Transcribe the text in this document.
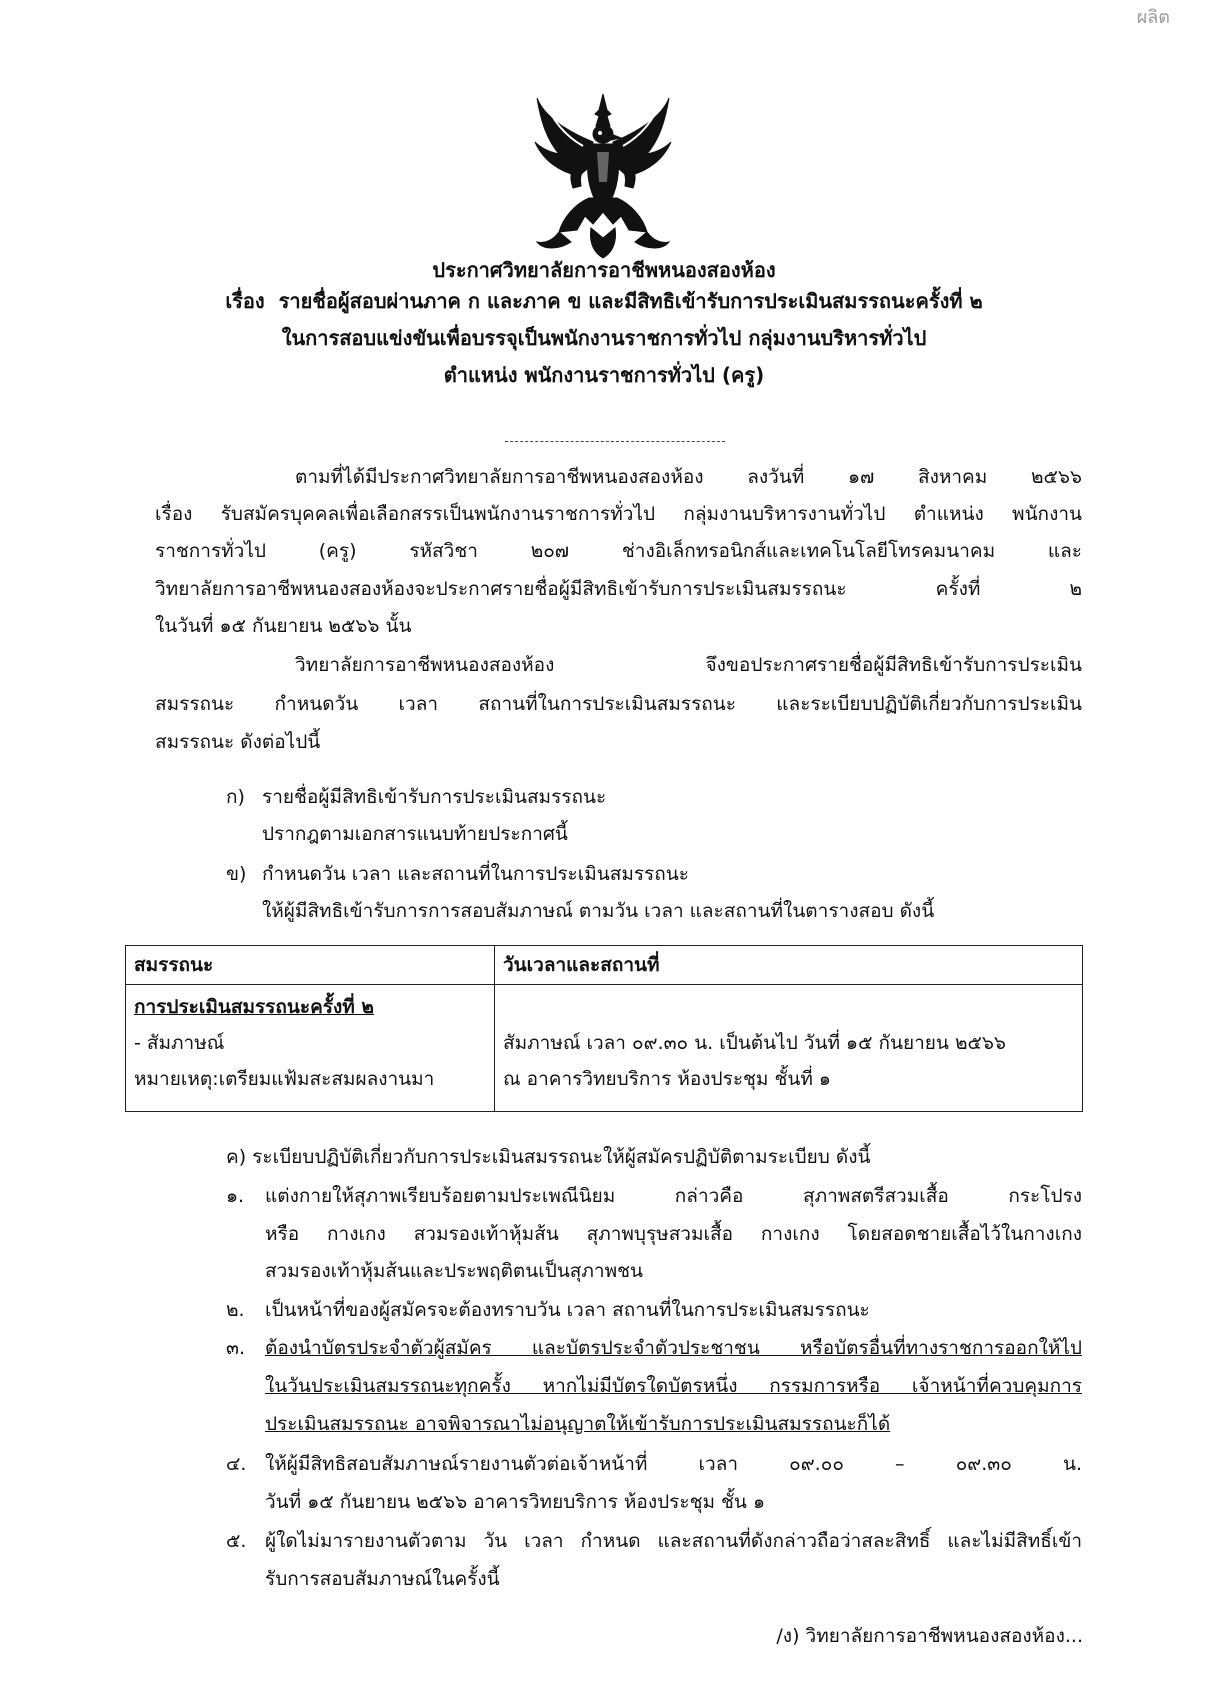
ผลิต
ประกาศวิทยาลัยการอาชีพหนองสองห้อง
เรื่อง รายชื่อผู้สอบผ่านภาค ก และภาค ข และมีสิทธิเข้ารับการประเมินสมรรถนะครั้งที่ ๒
ในการสอบแข่งขันเพื่อบรรจุเป็นพนักงานราชการทั่วไป กลุ่มงานบริหารทั่วไป
ตำแหน่ง พนักงานราชการทั่วไป (ครู)
ตามที่ได้มีประกาศวิทยาลัยการอาชีพหนองสองห้อง ลงวันที่ ๑๗ สิงหาคม ๒๕๖๖
เรื่อง รับสมัครบุคคลเพื่อเลือกสรรเป็นพนักงานราชการทั่วไป กลุ่มงานบริหารงานทั่วไป ตำแหน่ง พนักงาน
ราชการทั่วไป (ครู) รหัสวิชา ๒๐๗ ช่างอิเล็กทรอนิกส์และเทคโนโลยีโทรคมนาคม และ
วิทยาลัยการอาชีพหนองสองห้องจะประกาศรายชื่อผู้มีสิทธิเข้ารับการประเมินสมรรถนะ ครั้งที่ ๒
ในวันที่ ๑๕ กันยายน ๒๕๖๖ นั้น
วิทยาลัยการอาชีพหนองสองห้อง จึงขอประกาศรายชื่อผู้มีสิทธิเข้ารับการประเมิน
สมรรถนะ กำหนดวัน เวลา สถานที่ในการประเมินสมรรถนะ และระเบียบปฏิบัติเกี่ยวกับการประเมิน
สมรรถนะ ดังต่อไปนี้
ก) รายชื่อผู้มีสิทธิเข้ารับการประเมินสมรรถนะ
ปรากฎตามเอกสารแนบท้ายประกาศนี้
ข) กำหนดวัน เวลา และสถานที่ในการประเมินสมรรถนะ
ให้ผู้มีสิทธิเข้ารับการการสอบสัมภาษณ์ ตามวัน เวลา และสถานที่ในตารางสอบ ดังนี้
สมรรถนะ	วันเวลาและสถานที่

การประเมินสมรรถนะครั้งที่ ๒
- สัมภาษณ์
หมายเหตุ:เตรียมแฟ้มสะสมผลงานมา	สัมภาษณ์ เวลา ๐๙.๓๐ น. เป็นต้นไป วันที่ ๑๕ กันยายน ๒๕๖๖
ณ อาคารวิทยบริการ ห้องประชุม ชั้นที่ ๑
ค) ระเบียบปฏิบัติเกี่ยวกับการประเมินสมรรถนะให้ผู้สมัครปฏิบัติตามระเบียบ ดังนี้
๑. แต่งกายให้สุภาพเรียบร้อยตามประเพณีนิยม กล่าวคือ สุภาพสตรีสวมเสื้อ กระโปรง
หรือ กางเกง สวมรองเท้าหุ้มส้น สุภาพบุรุษสวมเสื้อ กางเกง โดยสอดชายเสื้อไว้ในกางเกง
สวมรองเท้าหุ้มส้นและประพฤติตนเป็นสุภาพชน
๒. เป็นหน้าที่ของผู้สมัครจะต้องทราบวัน เวลา สถานที่ในการประเมินสมรรถนะ
๓. ต้องนำบัตรประจำตัวผู้สมัคร และบัตรประจำตัวประชาชน หรือบัตรอื่นที่ทางราชการออกให้ไป
ในวันประเมินสมรรถนะทุกครั้ง หากไม่มีบัตรใดบัตรหนึ่ง กรรมการหรือ เจ้าหน้าที่ควบคุมการ
ประเมินสมรรถนะ อาจพิจารณาไม่อนุญาตให้เข้ารับการประเมินสมรรถนะก็ได้
๔. ให้ผู้มีสิทธิสอบสัมภาษณ์รายงานตัวต่อเจ้าหน้าที่ เวลา ๐๙.๐๐ – ๐๙.๓๐ น.
วันที่ ๑๕ กันยายน ๒๕๖๖ อาคารวิทยบริการ ห้องประชุม ชั้น ๑
๕. ผู้ใดไม่มารายงานตัวตาม วัน เวลา กำหนด และสถานที่ดังกล่าวถือว่าสละสิทธิ์ และไม่มีสิทธิ์เข้า
รับการสอบสัมภาษณ์ในครั้งนี้
/ง) วิทยาลัยการอาชีพหนองสองห้อง...
